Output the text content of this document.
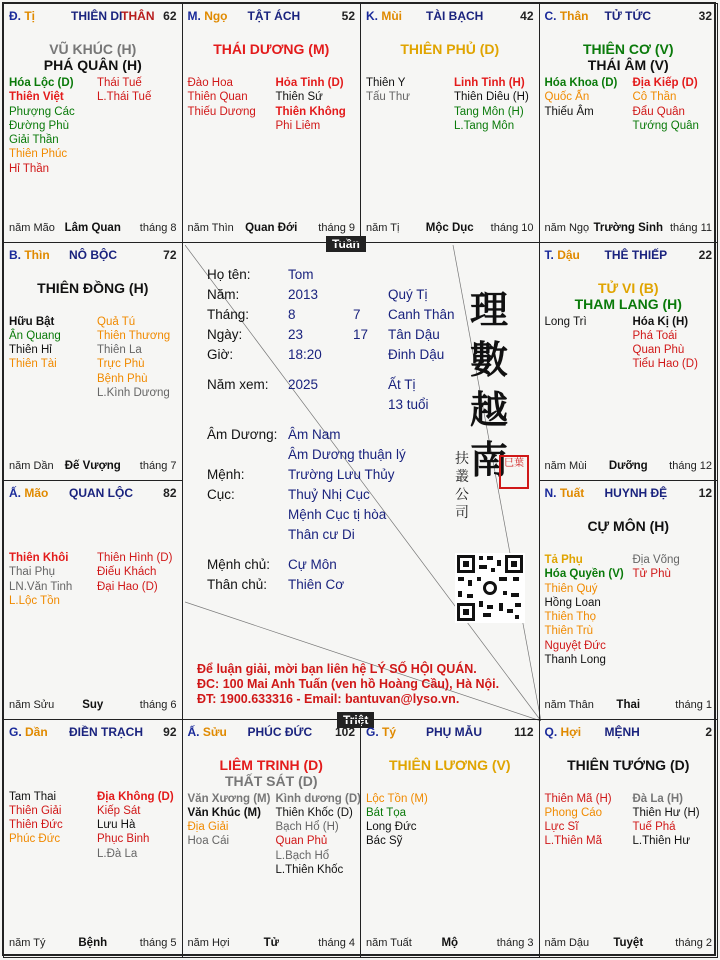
Họ tên:	Tom
Năm:	2013	Quý Tị
Tháng:	8	7 Canh Thân
Ngày:	23	17 Tân Dậu
Giờ:	18:20	Đinh Dậu
Năm xem: 2025	Ất Tị
13 tuổi
Âm Dương: Âm Nam
Âm Dương thuận lý
Mệnh:	Trường Lưu Thủy
Cục:	Thuỷ Nhị Cục
Mệnh Cục tị hòa
Thân cư Di
Mệnh chủ: Cự Môn
Thân chủ: Thiên Cơ
理
數
越
南
扶
叢
公
司
巳葉
Để luận giải, mời bạn liên hệ LÝ SỐ HỘI QUÁN.
ĐC: 100 Mai Anh Tuấn (ven hồ Hoàng Cầu), Hà Nội.
ĐT: 1900.633316 - Email: bantuvan@lyso.vn.
Tuần
Triệt
Đ. Tị	THIÊN DI
THÂN 62
VŨ KHÚC (H)
PHÁ QUÂN (H)
Hóa Lộc (D)
Thiên Việt
Phượng Các
Đường Phù
Giải Thần
Thiên Phúc
Hỉ Thần
Thái Tuế
L.Thái Tuế
năm Mão Lâm Quan	tháng 8
M. Ngọ TẬT ÁCH	52
THÁI DƯƠNG (M)
Đào Hoa
Thiên Quan
Thiếu Dương
Hỏa Tinh (D)
Thiên Sứ
Thiên Không
Phi Liêm
năm Thìn Quan Đới	tháng 9
K. Mùi TÀI BẠCH	42
THIÊN PHỦ (D)
Thiên Y
Tấu Thư
Linh Tinh (H)
Thiên Diêu (H)
Tang Môn (H)
L.Tang Môn
năm Tị	Mộc Dục	tháng 10
C. Thân TỬ TỨC	32
THIÊN CƠ (V)
THÁI ÂM (V)
Hóa Khoa (D)
Quốc Ấn
Thiếu Âm
Địa Kiếp (D)
Cô Thần
Đẩu Quân
Tướng Quân
năm Ngọ Trường Sinh tháng 11
B. Thìn NÔ BỘC	72
THIÊN ĐỒNG (H)
Hữu Bật
Ân Quang
Thiên Hỉ
Thiên Tài
Quả Tú
Thiên Thương
Thiên La
Trực Phù
Bệnh Phù
L.Kình Dương
năm Dần Đế Vượng	tháng 7
T. Dậu THÊ THIẾP	22
TỬ VI (B)
THAM LANG (H)
Long Trì	Hóa Kị (H)
Phá Toái
Quan Phù
Tiểu Hao (D)
năm Mùi	Dưỡng	tháng 12
Ấ. Mão QUAN LỘC	82
Thiên Khôi
Thai Phụ
LN.Văn Tinh
L.Lộc Tồn
Thiên Hình (D)
Điếu Khách
Đại Hao (D)
năm Sửu	Suy	tháng 6
N. Tuất HUYNH ĐỆ	12
CỰ MÔN (H)
Tả Phụ
Hóa Quyền (V)
Thiên Quý
Hồng Loan
Thiên Thọ
Thiên Trù
Nguyệt Đức
Thanh Long
Địa Võng
Tử Phù
năm Thân	Thai	tháng 1
G. Dần ĐIỀN TRẠCH 92
Tam Thai
Thiên Giải
Thiên Đức
Phúc Đức
Địa Không (D)
Kiếp Sát
Lưu Hà
Phục Binh
L.Đà La
năm Tý	Bệnh	tháng 5
Ấ. Sửu PHÚC ĐỨC 102
LIÊM TRINH (D)
THẤT SÁT (D)
Văn Xương (M)
Văn Khúc (M)
Địa Giải
Hoa Cái
Kình dương (D)
Thiên Khốc (D)
Bạch Hổ (H)
Quan Phủ
L.Bạch Hổ
L.Thiên Khốc
năm Hợi	Tử	tháng 4
G. Tý PHỤ MẪU	112
THIÊN LƯƠNG (V)
Lộc Tồn (M)
Bát Tọa
Long Đức
Bác Sỹ
năm Tuất	Mộ	tháng 3
Q. Hợi MỆNH	2
THIÊN TƯỚNG (D)
Thiên Mã (H)
Phong Cáo
Lực Sĩ
L.Thiên Mã
Đà La (H)
Thiên Hư (H)
Tuế Phá
L.Thiên Hư
năm Dậu	Tuyệt	tháng 2
